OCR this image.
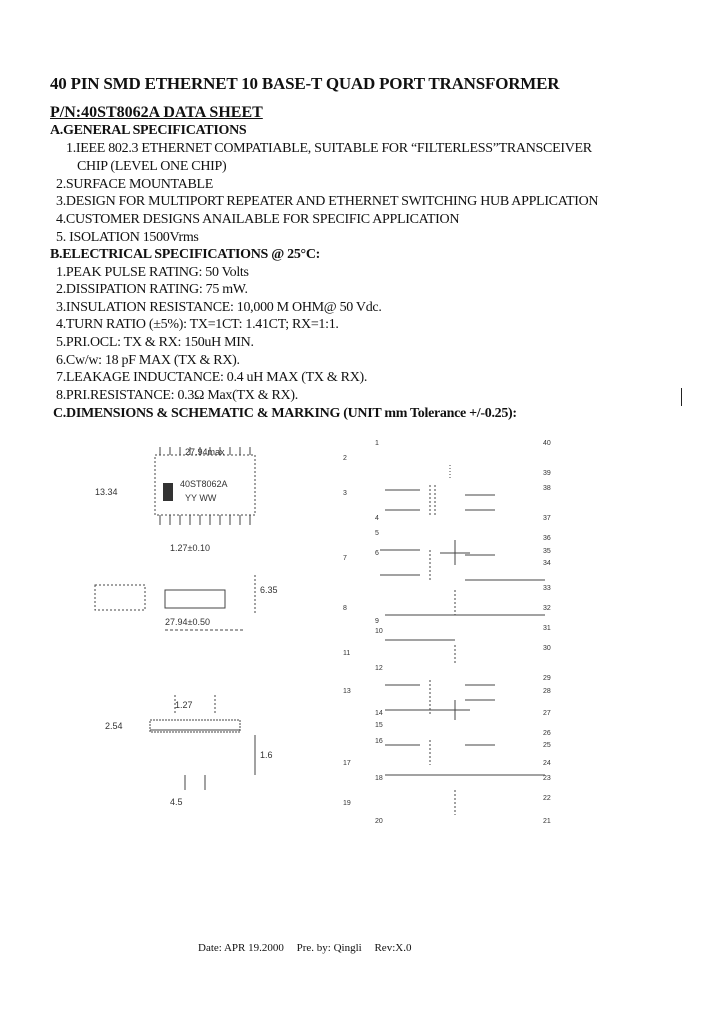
40 PIN SMD ETHERNET 10 BASE-T QUAD PORT TRANSFORMER
P/N:40ST8062A DATA SHEET
A.GENERAL SPECIFICATIONS
1.IEEE 802.3 ETHERNET COMPATIABLE, SUITABLE FOR “FILTERLESS”TRANSCEIVER
CHIP (LEVEL ONE CHIP)
2.SURFACE MOUNTABLE
3.DESIGN FOR MULTIPORT REPEATER AND ETHERNET SWITCHING HUB APPLICATION
4.CUSTOMER DESIGNS ANAILABLE FOR SPECIFIC APPLICATION
5. ISOLATION 1500Vrms
B.ELECTRICAL SPECIFICATIONS @ 25°C:
1.PEAK PULSE RATING: 50 Volts
2.DISSIPATION RATING: 75 mW.
3.INSULATION RESISTANCE: 10,000 M OHM@ 50 Vdc.
4.TURN RATIO (±5%): TX=1CT: 1.41CT; RX=1:1.
5.PRI.OCL: TX & RX: 150uH MIN.
6.Cw/w: 18 pF MAX (TX & RX).
7.LEAKAGE INDUCTANCE: 0.4 uH MAX (TX & RX).
8.PRI.RESISTANCE: 0.3Ω Max(TX & RX).
C.DIMENSIONS & SCHEMATIC & MARKING (UNIT mm Tolerance +/-0.25):
27.94max
40ST8062A
YY WW
13.34
1.27±0.10
6.35
27.94±0.50
1.27
2.54
1.6
4.5
1
2
3
4
5
6
7
8
9
10
11
12
13
14
15
16
17
18
19
20
40
39
38
37
36
35
34
33
32
31
30
29
28
27
26
25
24
23
22
21
Date: APR 19.2000 Pre. by: Qingli Rev:X.0
